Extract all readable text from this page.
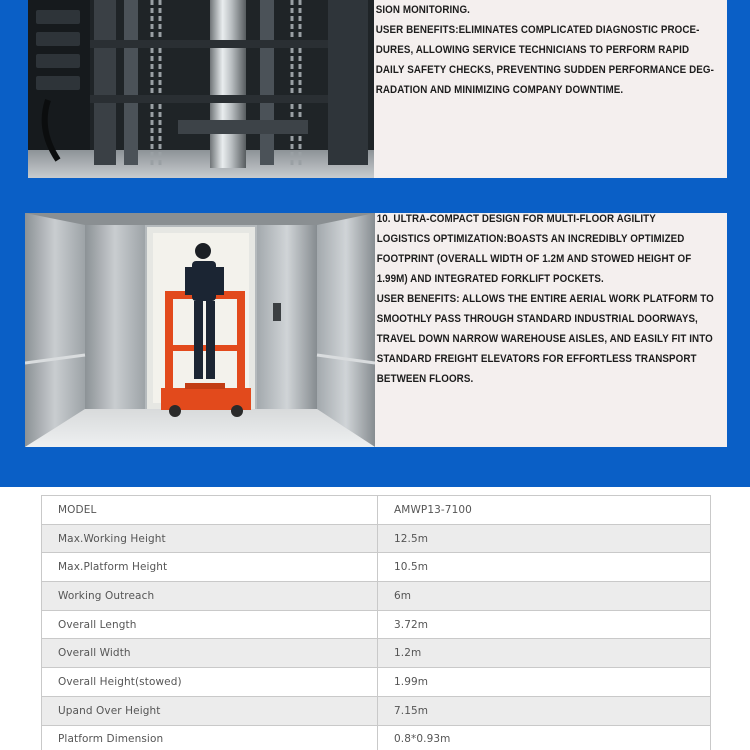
SION MONITORING.
USER BENEFITS:ELIMINATES COMPLICATED DIAGNOSTIC PROCE-
DURES, ALLOWING SERVICE TECHNICIANS TO PERFORM RAPID
DAILY SAFETY CHECKS, PREVENTING SUDDEN PERFORMANCE DEG-
RADATION AND MINIMIZING COMPANY DOWNTIME.

10. ULTRA-COMPACT DESIGN FOR MULTI-FLOOR AGILITY
LOGISTICS OPTIMIZATION:BOASTS AN INCREDIBLY OPTIMIZED
FOOTPRINT (OVERALL WIDTH OF 1.2M AND STOWED HEIGHT OF
1.99M) AND INTEGRATED FORKLIFT POCKETS.
USER BENEFITS: ALLOWS THE ENTIRE AERIAL WORK PLATFORM TO
SMOOTHLY PASS THROUGH STANDARD INDUSTRIAL DOORWAYS,
TRAVEL DOWN NARROW WAREHOUSE AISLES, AND EASILY FIT INTO
STANDARD FREIGHT ELEVATORS FOR EFFORTLESS TRANSPORT
BETWEEN FLOORS.

MODEL	AMWP13-7100
Max.Working Height	12.5m
Max.Platform Height	10.5m
Working Outreach	6m
Overall Length	3.72m
Overall Width	1.2m
Overall Height(stowed)	1.99m
Upand Over Height	7.15m
Platform Dimension	0.8*0.93m
